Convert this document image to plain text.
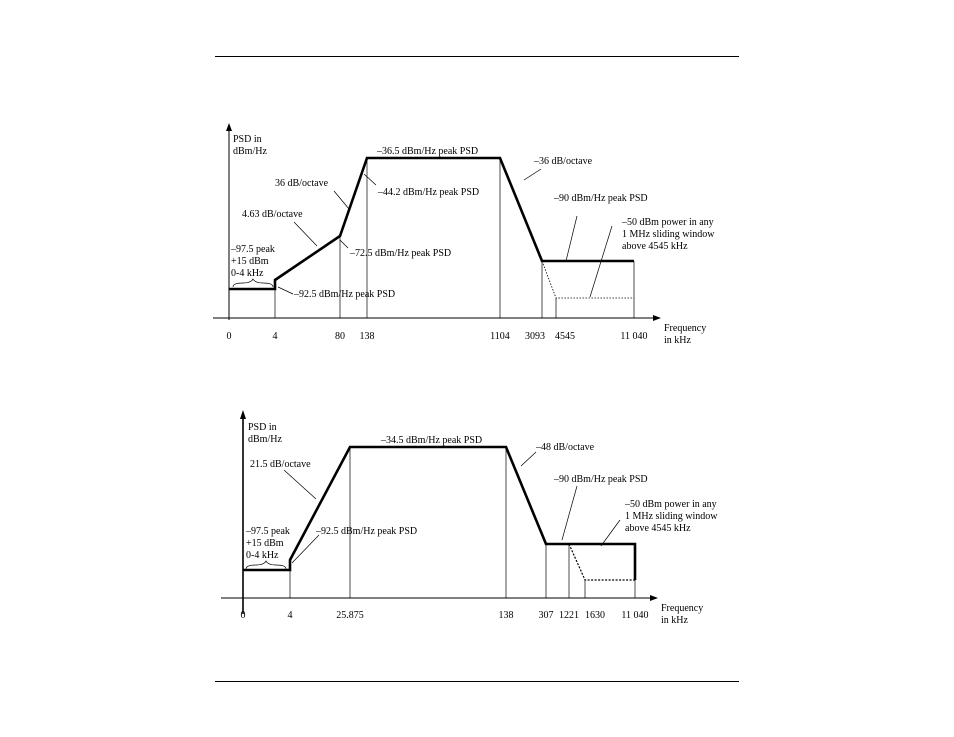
PSD in
dBm/Hz	–36.5 dBm/Hz peak PSD
–36 dB/octave
36 dB/octave
–44.2 dBm/Hz peak PSD
4.63 dB/octave
–90 dBm/Hz peak PSD
–50 dBm power in any
1 MHz sliding window
above 4545 kHz
–97.5 peak
+15 dBm
0-4 kHz
–72.5 dBm/Hz peak PSD
–92.5 dBm/Hz peak PSD
0	4	80 138	1104 3093 4545	11 040
Frequency
in kHz
PSD in
dBm/Hz	–34.5 dBm/Hz peak PSD
–48 dB/octave
21.5 dB/octave
–90 dBm/Hz peak PSD
–50 dBm power in any
1 MHz sliding window
above 4545 kHz
–97.5 peak
+15 dBm
0-4 kHz
–92.5 dBm/Hz peak PSD
0	4	25.875	138	307 1221 1630 11 040
Frequency
in kHz
